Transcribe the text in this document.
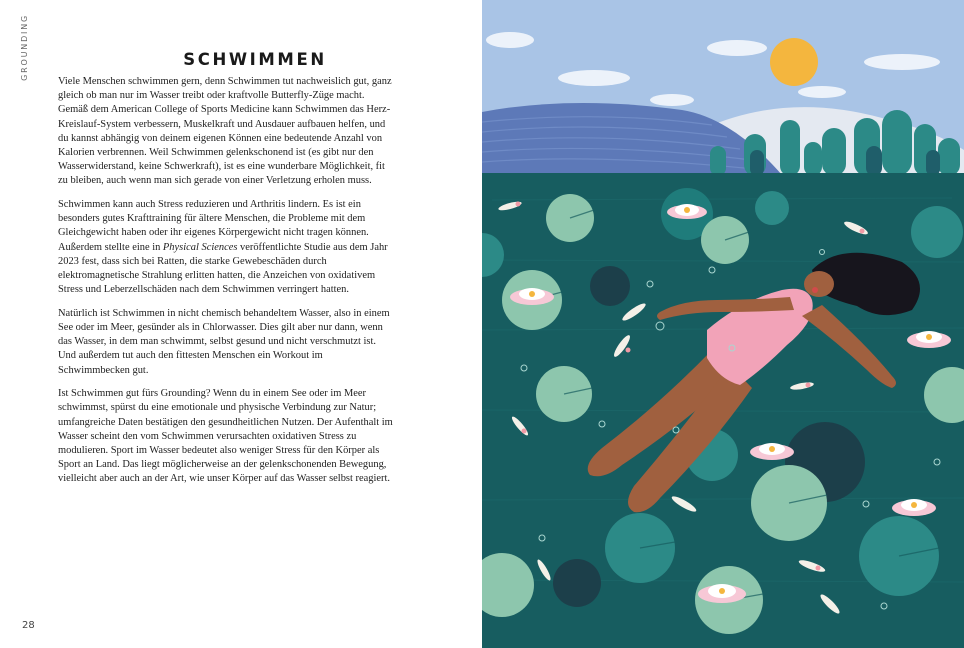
GROUNDING	SCHWIMMEN

Viele Menschen schwimmen gern, denn Schwimmen tut nachweislich gut, ganz gleich ob man nur im Wasser treibt oder kraftvolle Butterfly-Züge macht. Gemäß dem American College of Sports Medicine kann Schwimmen das Herz-Kreislauf-System verbessern, Muskelkraft und Ausdauer aufbauen helfen, und du kannst abhängig von deinem eigenen Können eine bedeutende Anzahl von Kalorien verbrennen. Weil Schwimmen gelenkschonend ist (es gibt nur den Wasserwiderstand, keine Schwerkraft), ist es eine wunderbare Möglichkeit, fit zu bleiben, auch wenn man sich gerade von einer Verletzung erholen muss.

Schwimmen kann auch Stress reduzieren und Arthritis lindern. Es ist ein besonders gutes Krafttraining für ältere Menschen, die Probleme mit dem Gleichgewicht haben oder ihr eigenes Körpergewicht nicht tragen können. Außerdem stellte eine in Physical Sciences veröffentlichte Studie aus dem Jahr 2023 fest, dass sich bei Ratten, die starke Gewebeschäden durch elektromagnetische Strahlung erlitten hatten, die Anzeichen von oxidativem Stress und Leberzellschäden nach dem Schwimmen verringert hatten.

Natürlich ist Schwimmen in nicht chemisch behandeltem Wasser, also in einem See oder im Meer, gesünder als in Chlorwasser. Dies gilt aber nur dann, wenn das Wasser, in dem man schwimmt, selbst gesund und nicht verschmutzt ist. Und außerdem tut auch den fittesten Menschen ein Workout im Schwimmbecken gut.

Ist Schwimmen gut fürs Grounding? Wenn du in einem See oder im Meer schwimmst, spürst du eine emotionale und physische Verbindung zur Natur; umfangreiche Daten bestätigen den gesundheitlichen Nutzen. Der Aufenthalt im Wasser scheint den vom Schwimmen verursachten oxidativen Stress zu modulieren. Sport im Wasser bedeutet also weniger Stress für den Körper als Sport an Land. Das liegt möglicherweise an der gelenkschonenden Bewegung, vielleicht aber auch an der Art, wie unser Körper auf das Wasser selbst reagiert.

28
